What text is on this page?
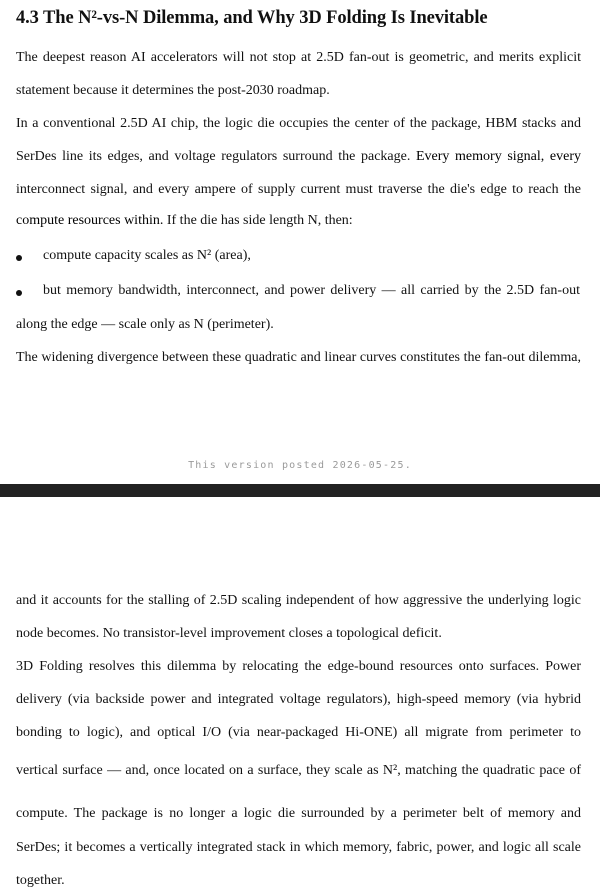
4.3 The N²-vs-N Dilemma, and Why 3D Folding Is Inevitable
The deepest reason AI accelerators will not stop at 2.5D fan-out is geometric, and merits explicit
statement because it determines the post-2030 roadmap.
In a conventional 2.5D AI chip, the logic die occupies the center of the package, HBM stacks and
SerDes line its edges, and voltage regulators surround the package. Every memory signal, every
interconnect signal, and every ampere of supply current must traverse the die's edge to reach the
compute resources within. If the die has side length N, then:
compute capacity scales as N² (area),
but memory bandwidth, interconnect, and power delivery — all carried by the 2.5D fan-out
along the edge — scale only as N (perimeter).
The widening divergence between these quadratic and linear curves constitutes the fan-out dilemma,
This version posted 2026-05-25.
and it accounts for the stalling of 2.5D scaling independent of how aggressive the underlying logic
node becomes. No transistor-level improvement closes a topological deficit.
3D Folding resolves this dilemma by relocating the edge-bound resources onto surfaces. Power
delivery (via backside power and integrated voltage regulators), high-speed memory (via hybrid
bonding to logic), and optical I/O (via near-packaged Hi-ONE) all migrate from perimeter to
vertical surface — and, once located on a surface, they scale as N², matching the quadratic pace of
compute. The package is no longer a logic die surrounded by a perimeter belt of memory and
SerDes; it becomes a vertically integrated stack in which memory, fabric, power, and logic all scale
together.
